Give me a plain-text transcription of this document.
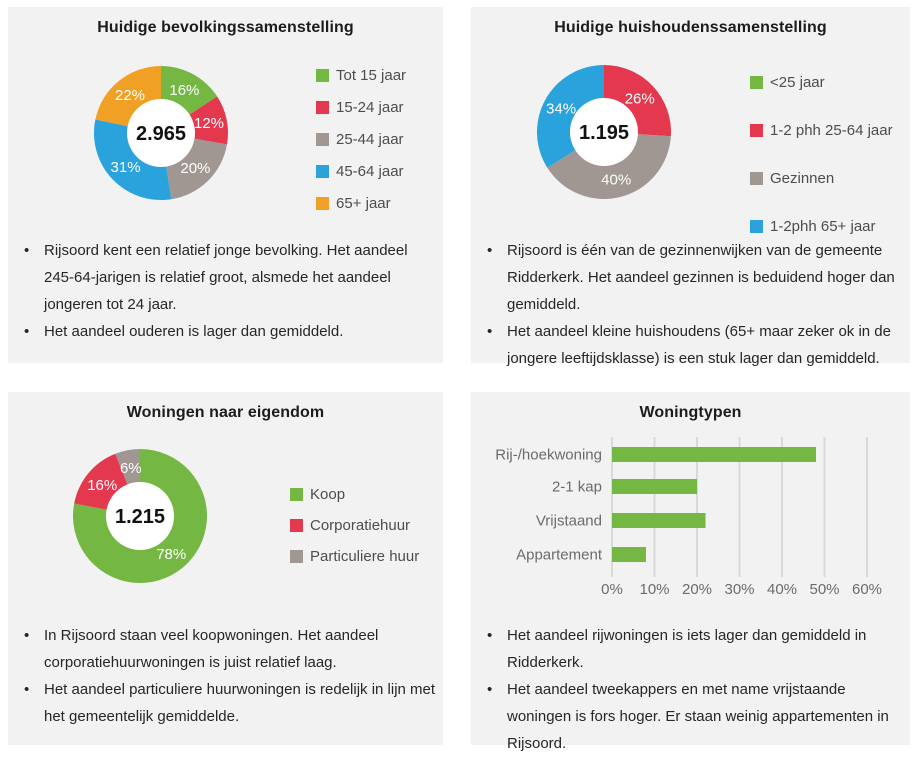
Huidige bevolkingssamenstelling
16%
12%
20%
31%
22%
2.965
Tot 15 jaar
15-24 jaar
25-44 jaar
45-64 jaar
65+ jaar
•
Rijsoord kent een relatief jonge bevolking. Het aandeel 245-64-jarigen is relatief groot, alsmede het aandeel jongeren tot 24 jaar.
•
Het aandeel ouderen is lager dan gemiddeld.
Huidige huishoudenssamenstelling
26%
40%
34%
1.195
<25 jaar
1-2 phh 25-64 jaar
Gezinnen
1-2phh 65+ jaar
•
Rijsoord is één van de gezinnenwijken van de gemeente Ridderkerk. Het aandeel gezinnen is beduidend hoger dan gemiddeld.
•
Het aandeel kleine huishoudens (65+ maar zeker ok in de jongere leeftijdsklasse) is een stuk lager dan gemiddeld.
Woningen naar eigendom
78%
16%
6%
1.215
Koop
Corporatiehuur
Particuliere huur
•
In Rijsoord staan veel koopwoningen. Het aandeel corporatiehuurwoningen is juist relatief laag.
•
Het aandeel particuliere huurwoningen is redelijk in lijn met het gemeentelijk gemiddelde.
Woningtypen
0% 10% 20% 30% 40% 50% 60%
Rij-/hoekwoning
2-1 kap
Vrijstaand
Appartement
•
Het aandeel rijwoningen is iets lager dan gemiddeld in Ridderkerk.
•
Het aandeel tweekappers en met name vrijstaande woningen is fors hoger. Er staan weinig appartementen in Rijsoord.
